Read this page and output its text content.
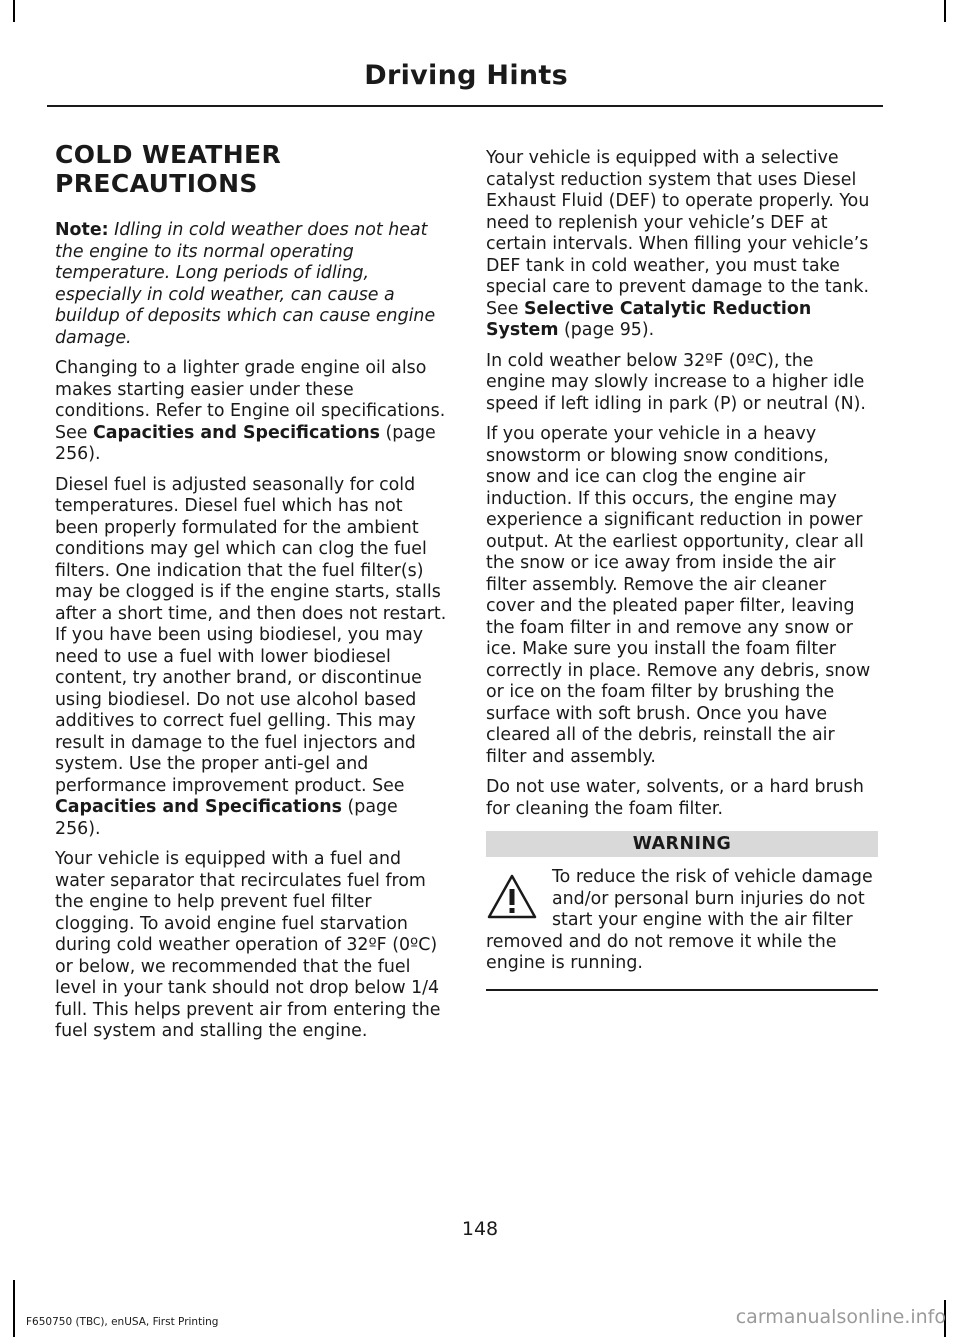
Driving Hints
COLD WEATHER PRECAUTIONS

Note: Idling in cold weather does not heat the engine to its normal operating temperature. Long periods of idling, especially in cold weather, can cause a buildup of deposits which can cause engine damage.

Changing to a lighter grade engine oil also makes starting easier under these conditions. Refer to Engine oil specifications. See Capacities and Specifications (page 256).

Diesel fuel is adjusted seasonally for cold temperatures. Diesel fuel which has not been properly formulated for the ambient conditions may gel which can clog the fuel filters. One indication that the fuel filter(s) may be clogged is if the engine starts, stalls after a short time, and then does not restart. If you have been using biodiesel, you may need to use a fuel with lower biodiesel content, try another brand, or discontinue using biodiesel. Do not use alcohol based additives to correct fuel gelling. This may result in damage to the fuel injectors and system. Use the proper anti-gel and performance improvement product. See Capacities and Specifications (page 256).

Your vehicle is equipped with a fuel and water separator that recirculates fuel from the engine to help prevent fuel filter clogging. To avoid engine fuel starvation during cold weather operation of 32ºF (0ºC) or below, we recommended that the fuel level in your tank should not drop below 1/4 full. This helps prevent air from entering the fuel system and stalling the engine.

Your vehicle is equipped with a selective catalyst reduction system that uses Diesel Exhaust Fluid (DEF) to operate properly. You need to replenish your vehicle’s DEF at certain intervals. When filling your vehicle’s DEF tank in cold weather, you must take special care to prevent damage to the tank. See Selective Catalytic Reduction System (page 95).

In cold weather below 32ºF (0ºC), the engine may slowly increase to a higher idle speed if left idling in park (P) or neutral (N).

If you operate your vehicle in a heavy snowstorm or blowing snow conditions, snow and ice can clog the engine air induction. If this occurs, the engine may experience a significant reduction in power output. At the earliest opportunity, clear all the snow or ice away from inside the air filter assembly. Remove the air cleaner cover and the pleated paper filter, leaving the foam filter in and remove any snow or ice. Make sure you install the foam filter correctly in place. Remove any debris, snow or ice on the foam filter by brushing the surface with soft brush. Once you have cleared all of the debris, reinstall the air filter and assembly.

Do not use water, solvents, or a hard brush for cleaning the foam filter.

WARNING
To reduce the risk of vehicle damage and/or personal burn injuries do not start your engine with the air filter removed and do not remove it while the engine is running.
148
F650750 (TBC), enUSA, First Printing	carmanualsonline.info
